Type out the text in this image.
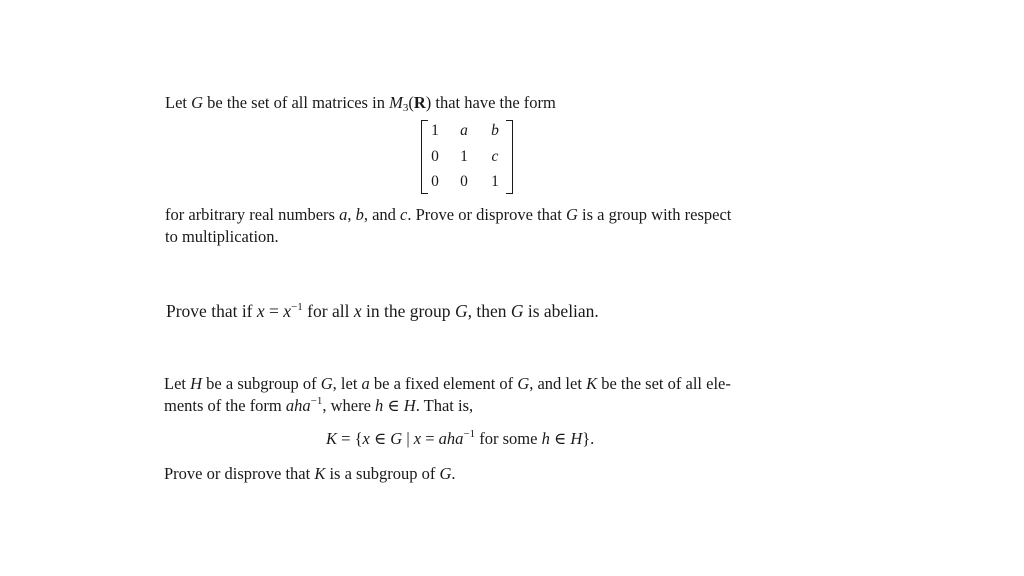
Let G be the set of all matrices in $M_3(R)$ that have the form
1	a	b
0	1	c
0	0	1
for arbitrary real numbers a, b, and c. Prove or disprove that G is a group with respect
to multiplication.
Prove that if $x = x^{-1}$ for all x in the group G, then G is abelian.
Let H be a subgroup of G, let a be a fixed element of G, and let K be the set of all ele-
ments of the form aha$^{-1}$, where h ∈ H. That is,
K = {x ∈ G | x = aha$^{-1}$ for some h ∈ H}.
Prove or disprove that K is a subgroup of G.
